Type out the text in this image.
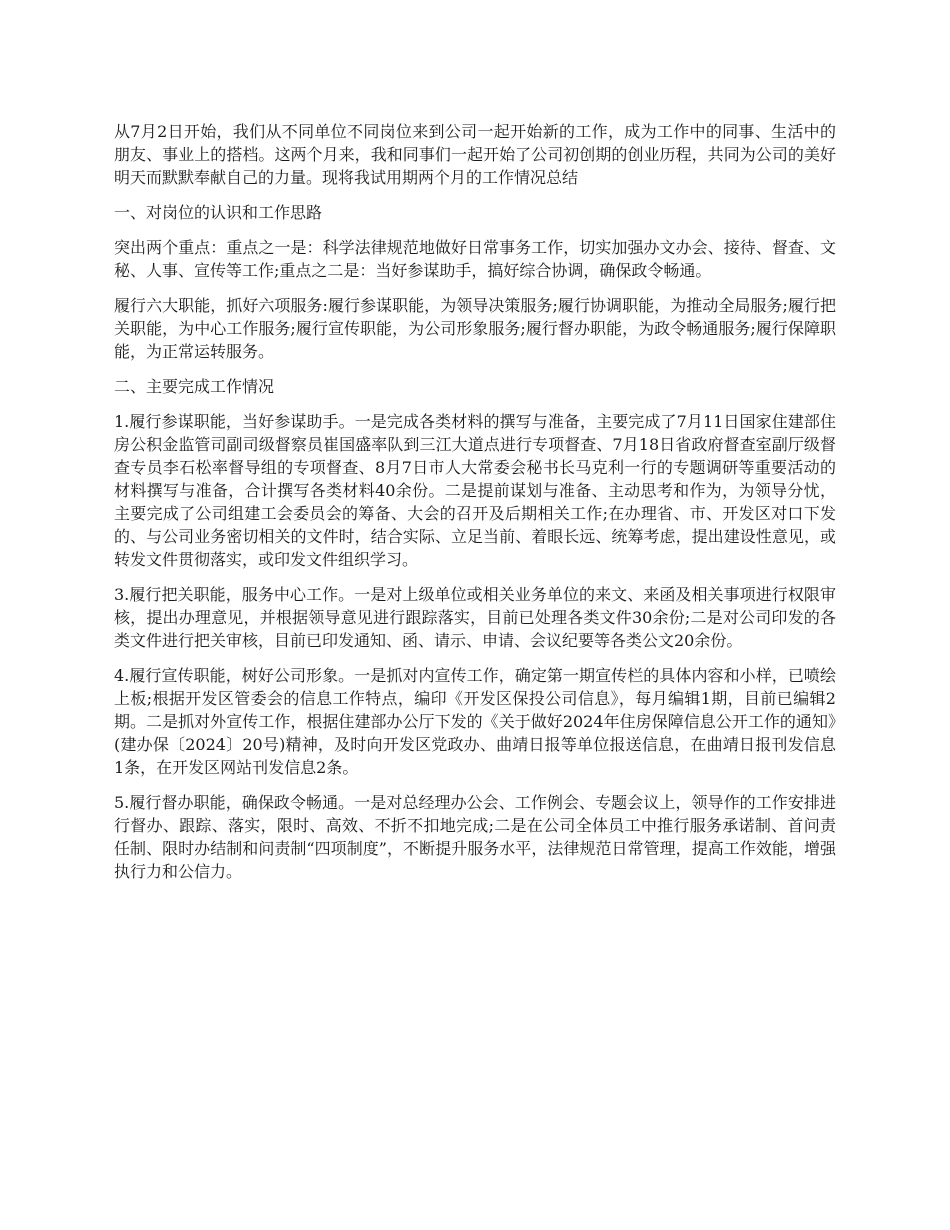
从7月2日开始，我们从不同单位不同岗位来到公司一起开始新的工作，成为工作中的同事、生活中的朋友、事业上的搭档。这两个月来，我和同事们一起开始了公司初创期的创业历程，共同为公司的美好明天而默默奉献自己的力量。现将我试用期两个月的工作情况总结

一、对岗位的认识和工作思路

突出两个重点：重点之一是：科学法律规范地做好日常事务工作，切实加强办文办会、接待、督查、文秘、人事、宣传等工作;重点之二是：当好参谋助手，搞好综合协调，确保政令畅通。

履行六大职能，抓好六项服务:履行参谋职能，为领导决策服务;履行协调职能，为推动全局服务;履行把关职能，为中心工作服务;履行宣传职能，为公司形象服务;履行督办职能，为政令畅通服务;履行保障职能，为正常运转服务。

二、主要完成工作情况

1.履行参谋职能，当好参谋助手。一是完成各类材料的撰写与准备，主要完成了7月11日国家住建部住房公积金监管司副司级督察员崔国盛率队到三江大道点进行专项督查、7月18日省政府督查室副厅级督查专员李石松率督导组的专项督查、8月7日市人大常委会秘书长马克利一行的专题调研等重要活动的材料撰写与准备，合计撰写各类材料40余份。二是提前谋划与准备、主动思考和作为，为领导分忧，主要完成了公司组建工会委员会的筹备、大会的召开及后期相关工作;在办理省、市、开发区对口下发的、与公司业务密切相关的文件时，结合实际、立足当前、着眼长远、统筹考虑，提出建设性意见，或转发文件贯彻落实，或印发文件组织学习。

3.履行把关职能，服务中心工作。一是对上级单位或相关业务单位的来文、来函及相关事项进行权限审核，提出办理意见，并根据领导意见进行跟踪落实，目前已处理各类文件30余份;二是对公司印发的各类文件进行把关审核，目前已印发通知、函、请示、申请、会议纪要等各类公文20余份。

4.履行宣传职能，树好公司形象。一是抓对内宣传工作，确定第一期宣传栏的具体内容和小样，已喷绘上板;根据开发区管委会的信息工作特点，编印《开发区保投公司信息》，每月编辑1期，目前已编辑2期。二是抓对外宣传工作，根据住建部办公厅下发的《关于做好2024年住房保障信息公开工作的通知》(建办保〔2024〕20号)精神，及时向开发区党政办、曲靖日报等单位报送信息，在曲靖日报刊发信息1条，在开发区网站刊发信息2条。

5.履行督办职能，确保政令畅通。一是对总经理办公会、工作例会、专题会议上，领导作的工作安排进行督办、跟踪、落实，限时、高效、不折不扣地完成;二是在公司全体员工中推行服务承诺制、首问责任制、限时办结制和问责制“四项制度”，不断提升服务水平，法律规范日常管理，提高工作效能，增强执行力和公信力。
